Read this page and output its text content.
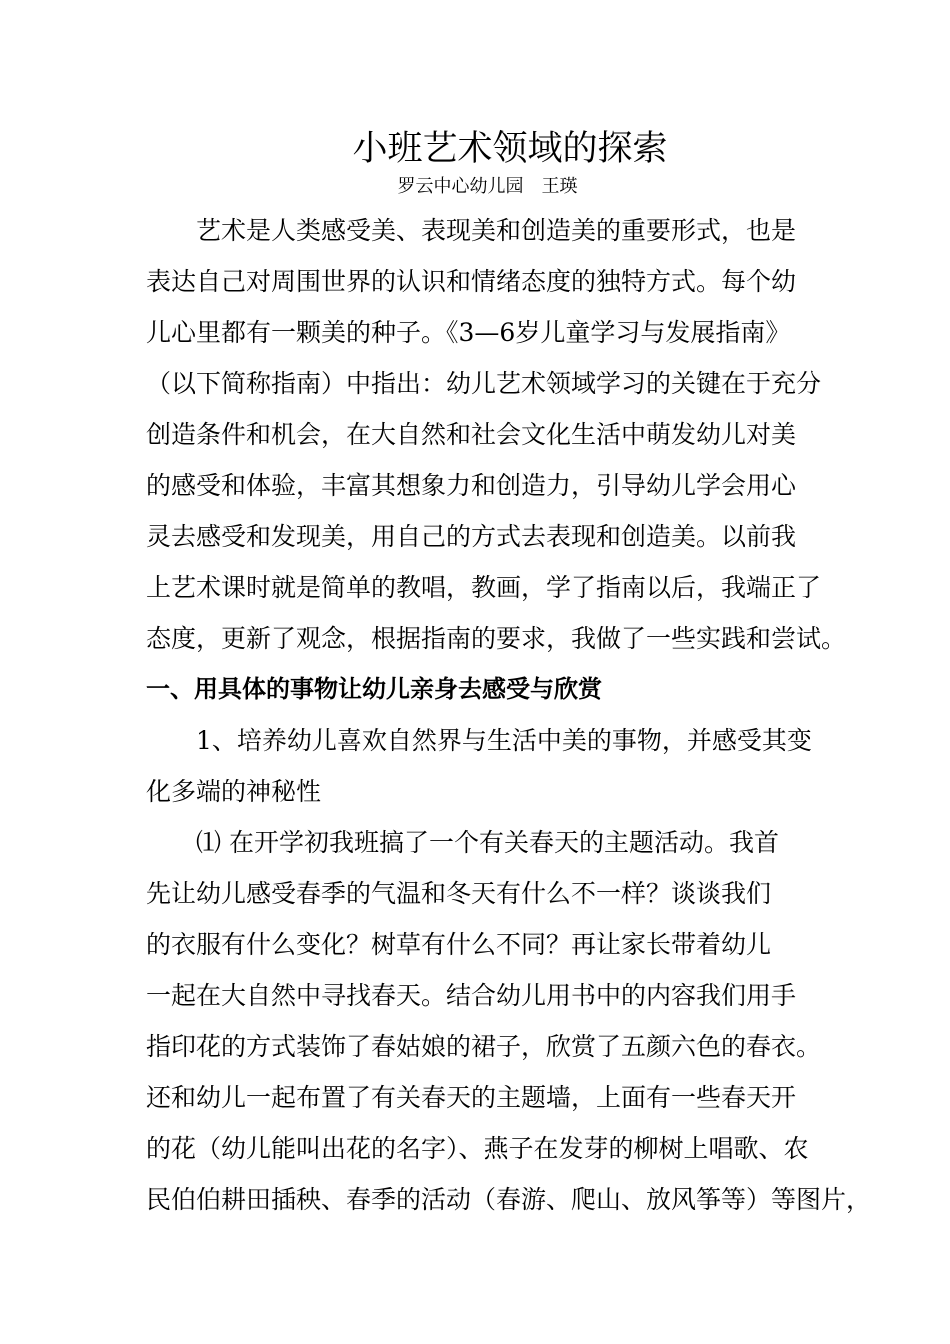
小班艺术领域的探索
罗云中心幼儿园　王瑛
　　艺术是人类感受美、表现美和创造美的重要形式，也是
表达自己对周围世界的认识和情绪态度的独特方式。每个幼
儿心里都有一颗美的种子。《3—6岁儿童学习与发展指南》
（以下简称指南）中指出：幼儿艺术领域学习的关键在于充分
创造条件和机会，在大自然和社会文化生活中萌发幼儿对美
的感受和体验，丰富其想象力和创造力，引导幼儿学会用心
灵去感受和发现美，用自己的方式去表现和创造美。以前我
上艺术课时就是简单的教唱，教画，学了指南以后，我端正了
态度，更新了观念，根据指南的要求，我做了一些实践和尝试。
一、用具体的事物让幼儿亲身去感受与欣赏
　　1、培养幼儿喜欢自然界与生活中美的事物，并感受其变
化多端的神秘性
　　⑴ 在开学初我班搞了一个有关春天的主题活动。我首
先让幼儿感受春季的气温和冬天有什么不一样？谈谈我们
的衣服有什么变化？树草有什么不同？再让家长带着幼儿
一起在大自然中寻找春天。结合幼儿用书中的内容我们用手
指印花的方式装饰了春姑娘的裙子，欣赏了五颜六色的春衣。
还和幼儿一起布置了有关春天的主题墙，上面有一些春天开
的花（幼儿能叫出花的名字）、燕子在发芽的柳树上唱歌、农
民伯伯耕田插秧、春季的活动（春游、爬山、放风筝等）等图片，
